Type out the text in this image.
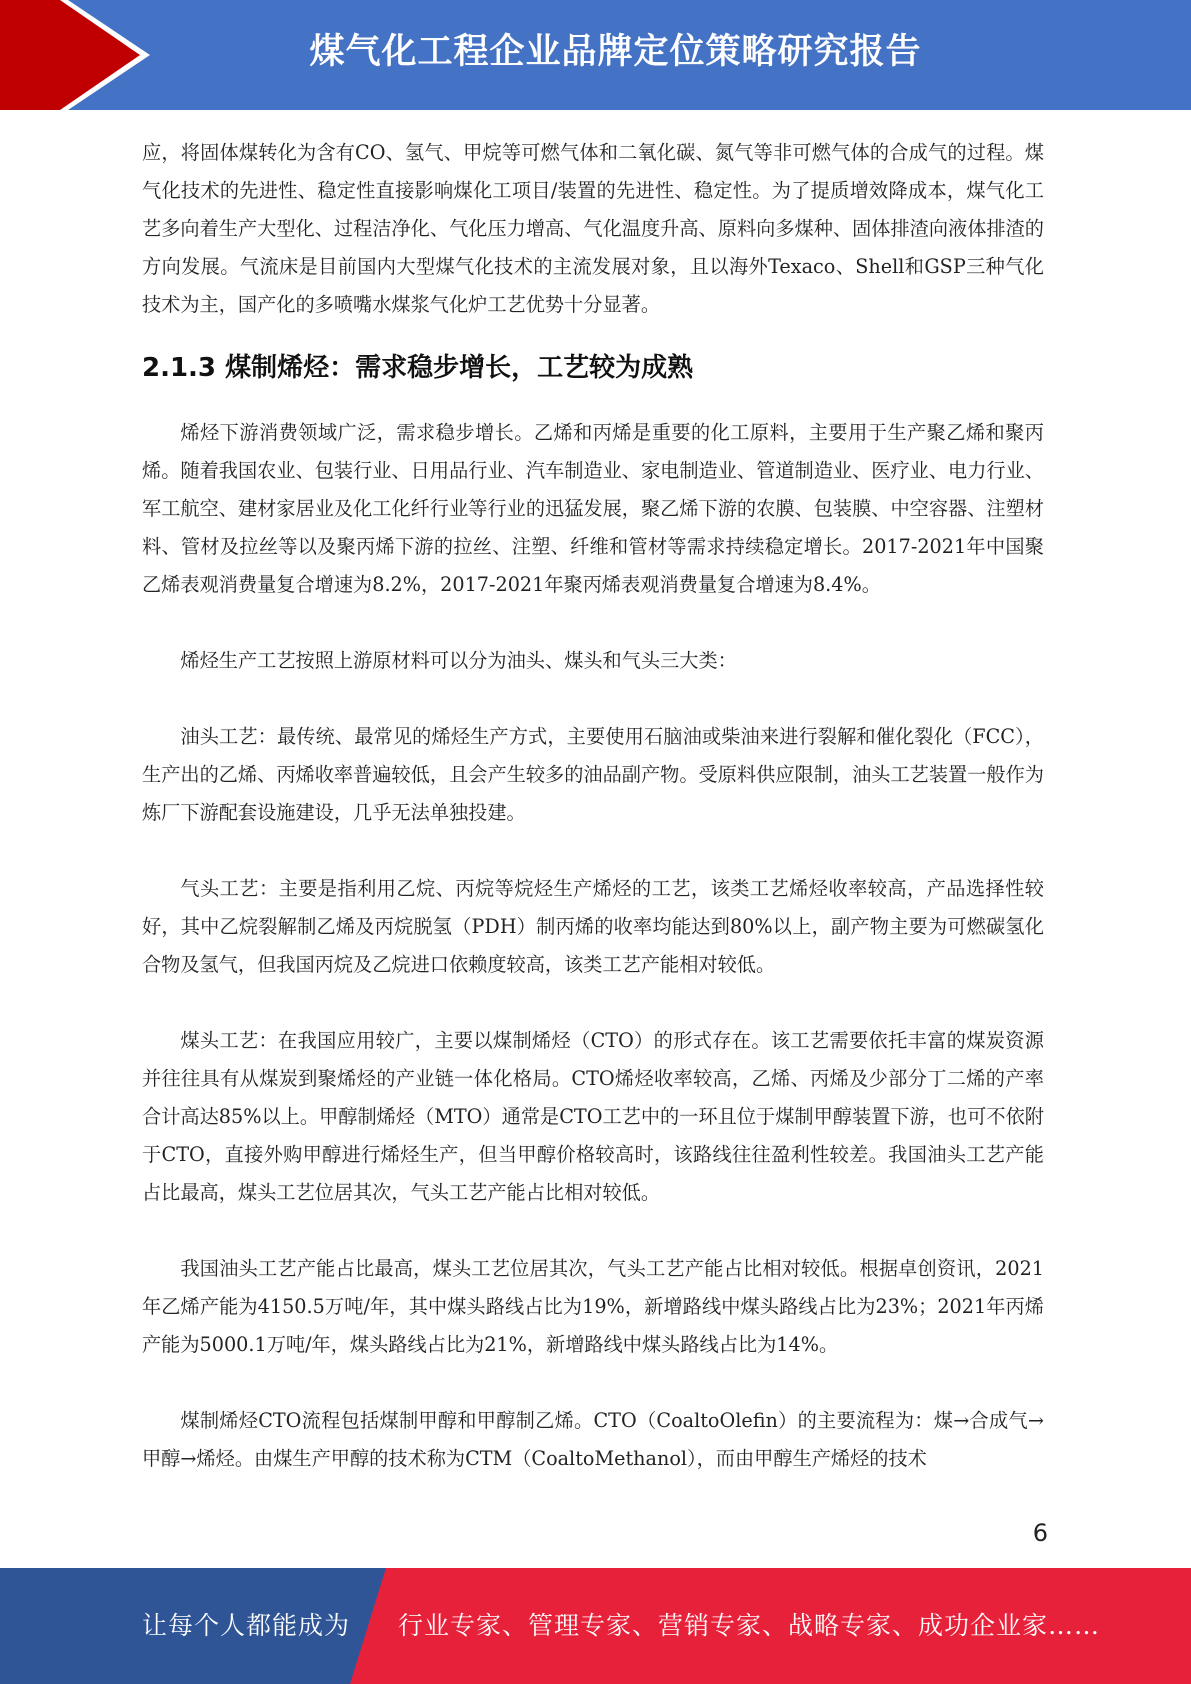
煤气化工程企业品牌定位策略研究报告

应，将固体煤转化为含有CO、氢气、甲烷等可燃气体和二氧化碳、氮气等非可燃气体的合成气的过程。煤气化技术的先进性、稳定性直接影响煤化工项目/装置的先进性、稳定性。为了提质增效降成本，煤气化工艺多向着生产大型化、过程洁净化、气化压力增高、气化温度升高、原料向多煤种、固体排渣向液体排渣的方向发展。气流床是目前国内大型煤气化技术的主流发展对象，且以海外Texaco、Shell和GSP三种气化技术为主，国产化的多喷嘴水煤浆气化炉工艺优势十分显著。

2.1.3 煤制烯烃：需求稳步增长，工艺较为成熟

烯烃下游消费领域广泛，需求稳步增长。乙烯和丙烯是重要的化工原料，主要用于生产聚乙烯和聚丙烯。随着我国农业、包装行业、日用品行业、汽车制造业、家电制造业、管道制造业、医疗业、电力行业、军工航空、建材家居业及化工化纤行业等行业的迅猛发展，聚乙烯下游的农膜、包装膜、中空容器、注塑材料、管材及拉丝等以及聚丙烯下游的拉丝、注塑、纤维和管材等需求持续稳定增长。2017-2021年中国聚乙烯表观消费量复合增速为8.2%，2017-2021年聚丙烯表观消费量复合增速为8.4%。

烯烃生产工艺按照上游原材料可以分为油头、煤头和气头三大类：

油头工艺：最传统、最常见的烯烃生产方式，主要使用石脑油或柴油来进行裂解和催化裂化（FCC），生产出的乙烯、丙烯收率普遍较低，且会产生较多的油品副产物。受原料供应限制，油头工艺装置一般作为炼厂下游配套设施建设，几乎无法单独投建。

气头工艺：主要是指利用乙烷、丙烷等烷烃生产烯烃的工艺，该类工艺烯烃收率较高，产品选择性较好，其中乙烷裂解制乙烯及丙烷脱氢（PDH）制丙烯的收率均能达到80%以上，副产物主要为可燃碳氢化合物及氢气，但我国丙烷及乙烷进口依赖度较高，该类工艺产能相对较低。

煤头工艺：在我国应用较广，主要以煤制烯烃（CTO）的形式存在。该工艺需要依托丰富的煤炭资源并往往具有从煤炭到聚烯烃的产业链一体化格局。CTO烯烃收率较高，乙烯、丙烯及少部分丁二烯的产率合计高达85%以上。甲醇制烯烃（MTO）通常是CTO工艺中的一环且位于煤制甲醇装置下游，也可不依附于CTO，直接外购甲醇进行烯烃生产，但当甲醇价格较高时，该路线往往盈利性较差。我国油头工艺产能占比最高，煤头工艺位居其次，气头工艺产能占比相对较低。

我国油头工艺产能占比最高，煤头工艺位居其次，气头工艺产能占比相对较低。根据卓创资讯，2021年乙烯产能为4150.5万吨/年，其中煤头路线占比为19%，新增路线中煤头路线占比为23%；2021年丙烯产能为5000.1万吨/年，煤头路线占比为21%，新增路线中煤头路线占比为14%。

煤制烯烃CTO流程包括煤制甲醇和甲醇制乙烯。CTO（CoaltoOlefin）的主要流程为：煤→合成气→甲醇→烯烃。由煤生产甲醇的技术称为CTM（CoaltoMethanol），而由甲醇生产烯烃的技术

6
让每个人都能成为 行业专家、管理专家、营销专家、战略专家、成功企业家……
